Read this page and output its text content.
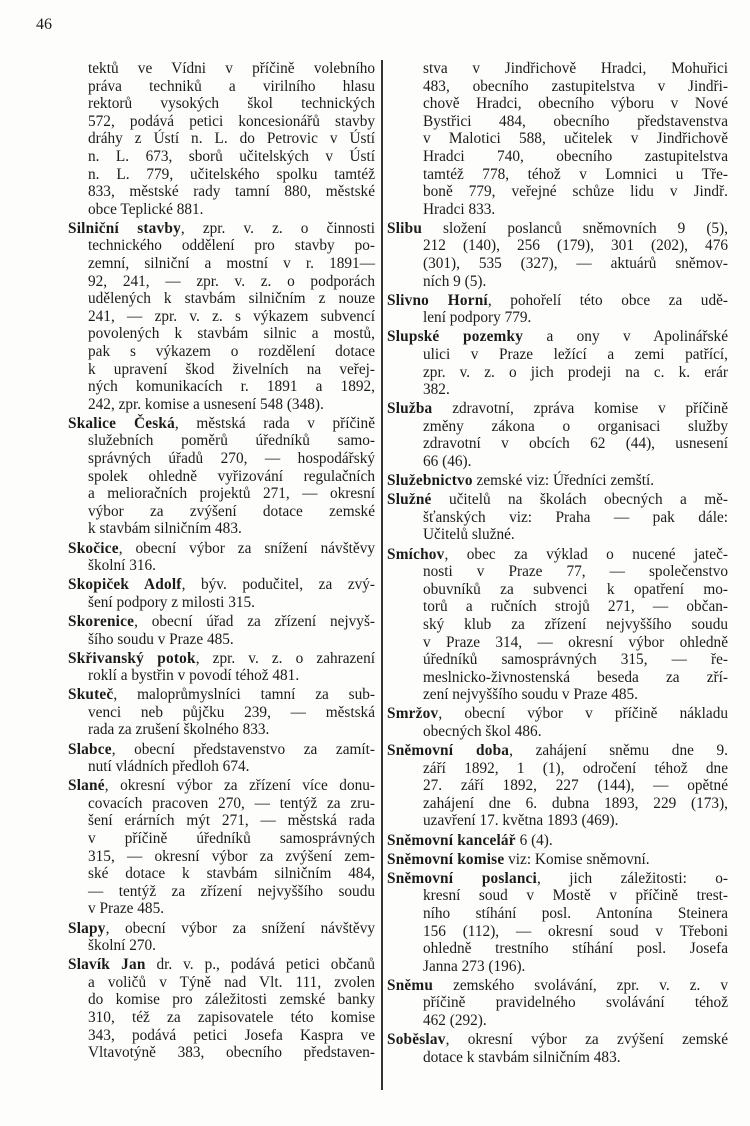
46
tektů ve Vídni v příčině volebního
práva techniků a virilního hlasu
rektorů vysokých škol technických
572, podává petici koncesionářů stavby
dráhy z Ústí n. L. do Petrovic v Ústí
n. L. 673, sborů učitelských v Ústí
n. L. 779, učitelského spolku tamtéž
833, městské rady tamní 880, městské
obce Teplické 881.
Silniční stavby, zpr. v. z. o činnosti
technického oddělení pro stavby po-
zemní, silniční a mostní v r. 1891—
92, 241, — zpr. v. z. o podporách
udělených k stavbám silničním z nouze
241, — zpr. v. z. s výkazem subvencí
povolených k stavbám silnic a mostů,
pak s výkazem o rozdělení dotace
k upravení škod živelních na veřej-
ných komunikacích r. 1891 a 1892,
242, zpr. komise a usnesení 548 (348).
Skalice Česká, městská rada v příčině
služebních poměrů úředníků samo-
správných úřadů 270, — hospodářský
spolek ohledně vyřizování regulačních
a melioračních projektů 271, — okresní
výbor za zvýšení dotace zemské
k stavbám silničním 483.
Skočice, obecní výbor za snížení návštěvy
školní 316.
Skopiček Adolf, býv. podučitel, za zvý-
šení podpory z milosti 315.
Skorenice, obecní úřad za zřízení nejvyš-
šího soudu v Praze 485.
Skřivanský potok, zpr. v. z. o zahrazení
roklí a bystřin v povodí téhož 481.
Skuteč, maloprůmyslníci tamní za sub-
venci neb půjčku 239, — městská
rada za zrušení školného 833.
Slabce, obecní představenstvo za zamít-
nutí vládních předloh 674.
Slané, okresní výbor za zřízení více donu-
covacích pracoven 270, — tentýž za zru-
šení erárních mýt 271, — městská rada
v příčině úředníků samosprávných
315, — okresní výbor za zvýšení zem-
ské dotace k stavbám silničním 484,
— tentýž za zřízení nejvyššího soudu
v Praze 485.
Slapy, obecní výbor za snížení návštěvy
školní 270.
Slavík Jan dr. v. p., podává petici občanů
a voličů v Týně nad Vlt. 111, zvolen
do komise pro záležitosti zemské banky
310, též za zapisovatele této komise
343, podává petici Josefa Kaspra ve
Vltavotýně 383, obecního představen-
stva v Jindřichově Hradci, Mohuřici
483, obecního zastupitelstva v Jindři-
chově Hradci, obecního výboru v Nové
Bystřici 484, obecního představenstva
v Malotici 588, učitelek v Jindřichově
Hradci 740, obecního zastupitelstva
tamtéž 778, téhož v Lomnici u Tře-
boně 779, veřejné schůze lidu v Jindř.
Hradci 833.
Slibu složení poslanců sněmovních 9 (5),
212 (140), 256 (179), 301 (202), 476
(301), 535 (327), — aktuárů sněmov-
ních 9 (5).
Slivno Horní, pohořelí této obce za udě-
lení podpory 779.
Slupské pozemky a ony v Apolinářské
ulici v Praze ležící a zemi patřící,
zpr. v. z. o jich prodeji na c. k. erár
382.
Služba zdravotní, zpráva komise v příčině
změny zákona o organisaci služby
zdravotní v obcích 62 (44), usnesení
66 (46).
Služebnictvo zemské viz: Úředníci zemští.
Služné učitelů na školách obecných a mě-
šťanských viz: Praha — pak dále:
Učitelů služné.
Smíchov, obec za výklad o nucené jateč-
nosti v Praze 77, — společenstvo
obuvníků za subvenci k opatření mo-
torů a ručních strojů 271, — občan-
ský klub za zřízení nejvyššího soudu
v Praze 314, — okresní výbor ohledně
úředníků samosprávných 315, — ře-
meslnicko-živnostenská beseda za zří-
zení nejvyššího soudu v Praze 485.
Smržov, obecní výbor v příčině nákladu
obecných škol 486.
Sněmovní doba, zahájení sněmu dne 9.
září 1892, 1 (1), odročení téhož dne
27. září 1892, 227 (144), — opětné
zahájení dne 6. dubna 1893, 229 (173),
uzavření 17. května 1893 (469).
Sněmovní kancelář 6 (4).
Sněmovní komise viz: Komise sněmovní.
Sněmovní poslanci, jich záležitosti: o-
kresní soud v Mostě v příčině trest-
ního stíhání posl. Antonína Steinera
156 (112), — okresní soud v Třeboni
ohledně trestního stíhání posl. Josefa
Janna 273 (196).
Sněmu zemského svolávání, zpr. v. z. v
příčině pravidelného svolávání téhož
462 (292).
Soběslav, okresní výbor za zvýšení zemské
dotace k stavbám silničním 483.
